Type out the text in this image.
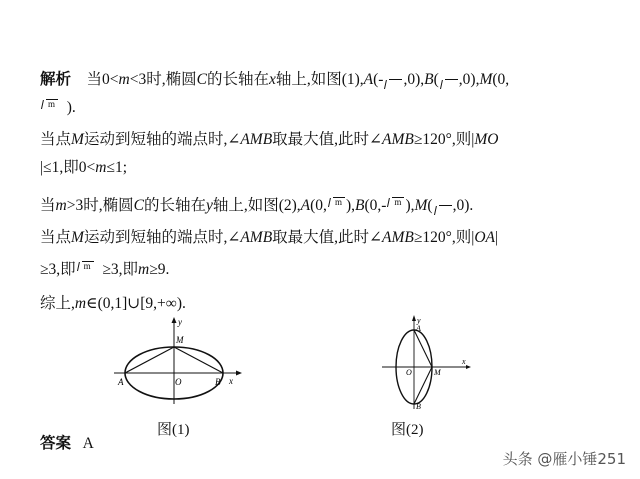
解析 当0<m<3时,椭圆C的长轴在x轴上,如图(1),A(- ,0),B( ,0),M(0,
m ).
当点M运动到短轴的端点时,∠AMB取最大值,此时∠AMB≥120°,则|MO
|≤1,即0<m≤1;
当m>3时,椭圆C的长轴在y轴上,如图(2),A(0, m ),B(0,- m ),M( ,0).
当点M运动到短轴的端点时,∠AMB取最大值,此时∠AMB≥120°,则|OA|
≥3,即 m ≥3,即m≥9.
综上,m∈(0,1]∪[9,+∞).
y
M
A	O	B x
图(1)
y
A
O	M
x
B
图(2)
答案 A
头条 @雁小锤251
